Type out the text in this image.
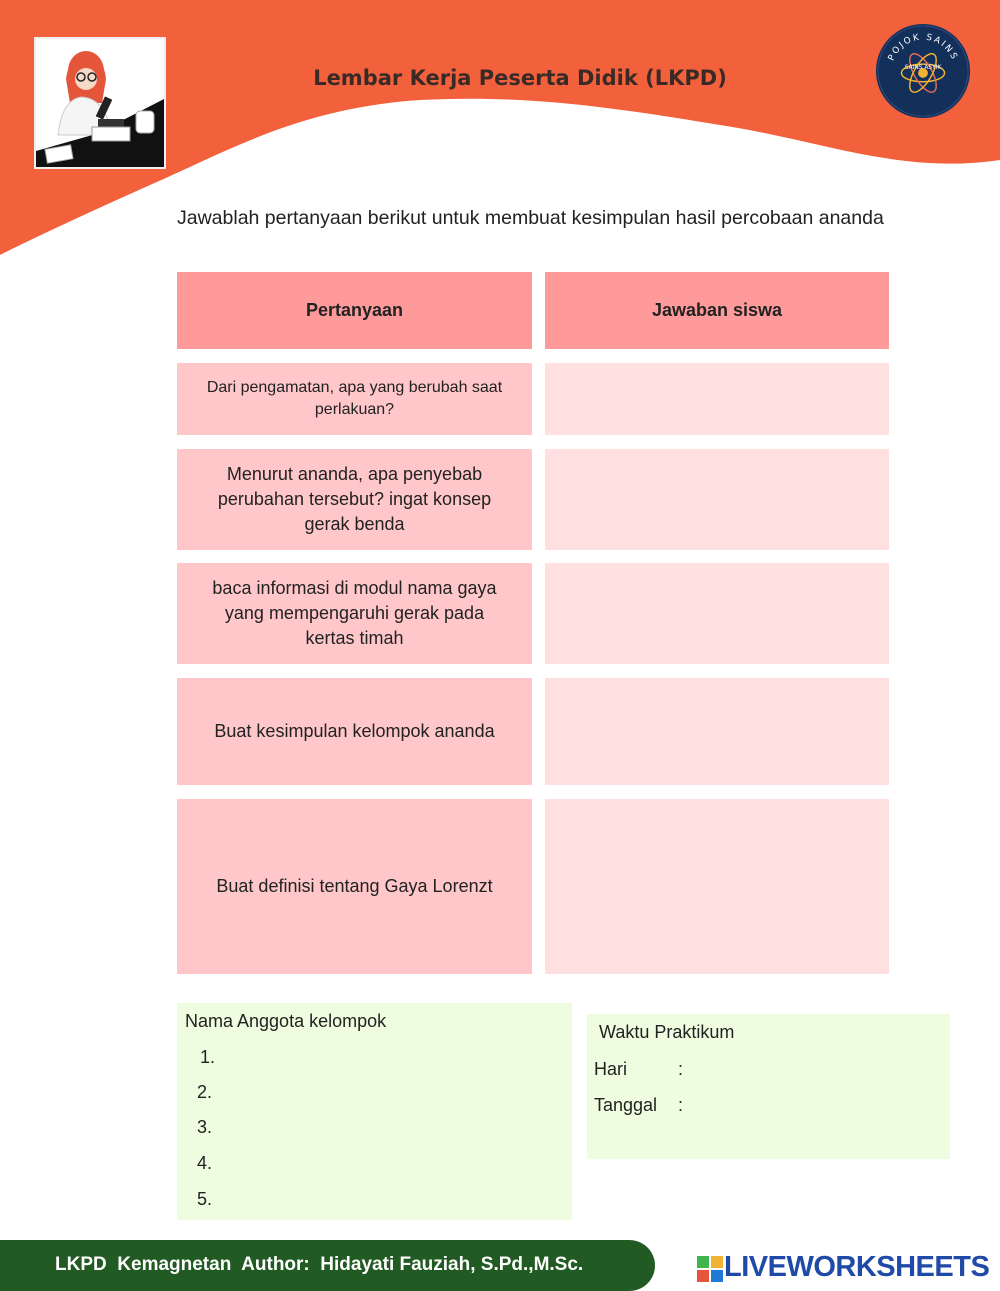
Lembar Kerja Peserta Didik (LKPD)
POJOK SAINS
SAINS ASYIK
Jawablah pertanyaan berikut untuk membuat kesimpulan hasil percobaan ananda
Pertanyaan	Jawaban siswa
Dari pengamatan, apa yang berubah saat perlakuan?
Menurut ananda, apa penyebab perubahan tersebut? ingat konsep gerak benda
baca informasi di modul nama gaya yang mempengaruhi gerak pada kertas timah
Buat kesimpulan kelompok ananda
Buat definisi tentang Gaya Lorenzt
Nama Anggota kelompok
1.
2.
3.
4.
5.
Waktu Praktikum
Hari	:
Tanggal :
LKPD  Kemagnetan  Author:  Hidayati Fauziah, S.Pd.,M.Sc.	LIVEWORKSHEETS
